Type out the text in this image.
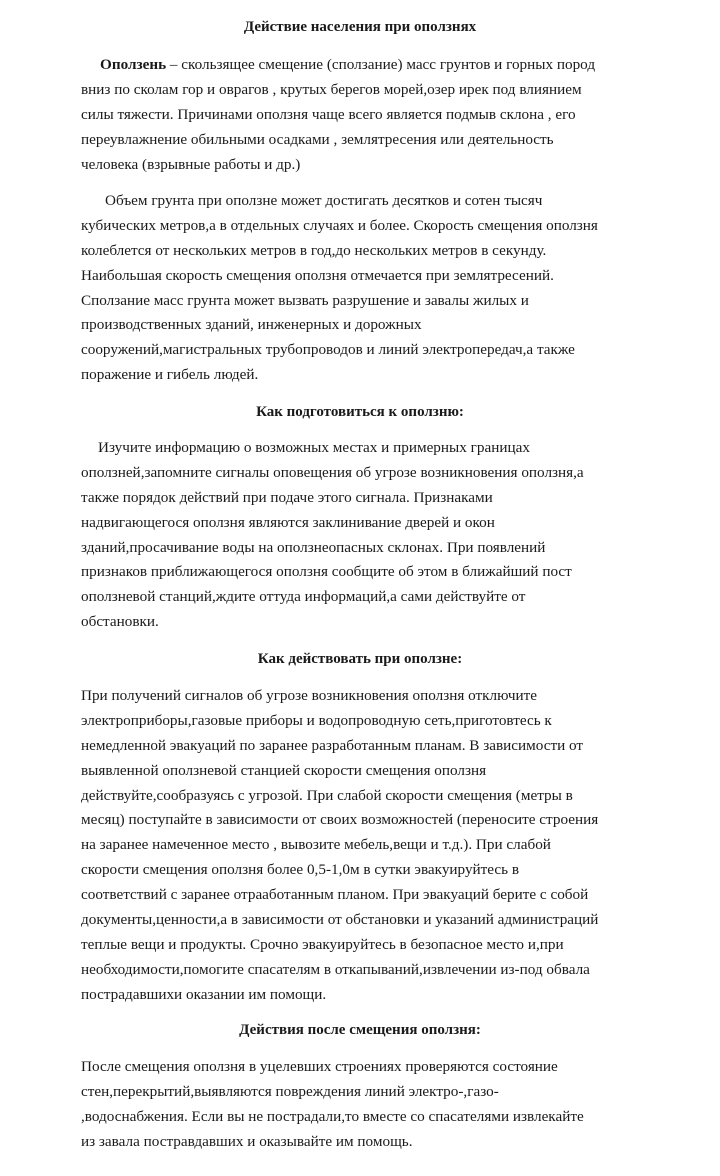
Действие населения при оползнях
Оползень – скользящее смещение (сползание) масс грунтов и горных пород
вниз по сколам гор и оврагов , крутых берегов морей,озер ирек под влиянием
силы тяжести. Причинами оползня чаще всего является подмыв склона , его
переувлажнение обильными осадками , землятресения или деятельность
человека (взрывные работы и др.)
Объем грунта при оползне может достигать десятков и сотен тысяч
кубических метров,а в отдельных случаях и более. Скорость смещения оползня
колеблется от нескольких метров в год,до нескольких метров в секунду.
Наибольшая скорость смещения оползня отмечается при землятресений.
Сползание масс грунта может вызвать разрушение и завалы жилых и
производственных зданий, инженерных и дорожных
сооружений,магистральных трубопроводов и линий электропередач,а также
поражение и гибель людей.
Как подготовиться к оползню:
Изучите информацию о возможных местах и примерных границах
оползней,запомните сигналы оповещения об угрозе возникновения оползня,а
также порядок действий при подаче этого сигнала. Признаками
надвигающегося оползня являются заклинивание дверей и окон
зданий,просачивание воды на оползнеопасных склонах. При появлений
признаков приближающегося оползня сообщите об этом в ближайший пост
оползневой станций,ждите оттуда информаций,а сами действуйте от
обстановки.
Как действовать при оползне:
При получений сигналов об угрозе возникновения оползня отключите
электроприборы,газовые приборы и водопроводную сеть,приготовтесь к
немедленной эвакуаций по заранее разработанным планам. В зависимости от
выявленной оползневой станцией скорости смещения оползня
действуйте,сообразуясь с угрозой. При слабой скорости смещения (метры в
месяц) поступайте в зависимости от своих возможностей (переносите строения
на заранее намеченное место , вывозите мебель,вещи и т.д.). При слабой
скорости смещения оползня более 0,5-1,0м в сутки эвакуируйтесь в
соответствий с заранее отрааботанным планом. При эвакуаций берите с собой
документы,ценности,а в зависимости от обстановки и указаний администраций
теплые вещи и продукты. Срочно эвакуируйтесь в безопасное место и,при
необходимости,помогите спасателям в откапываний,извлечении из-под обвала
пострадавшихи оказании им помощи.
Действия после смещения оползня:
После смещения оползня в уцелевших строениях проверяются состояние
стен,перекрытий,выявляются повреждения линий электро-,газо-
,водоснабжения. Если вы не пострадали,то вместе со спасателями извлекайте
из завала постравдавших и оказывайте им помощь.
